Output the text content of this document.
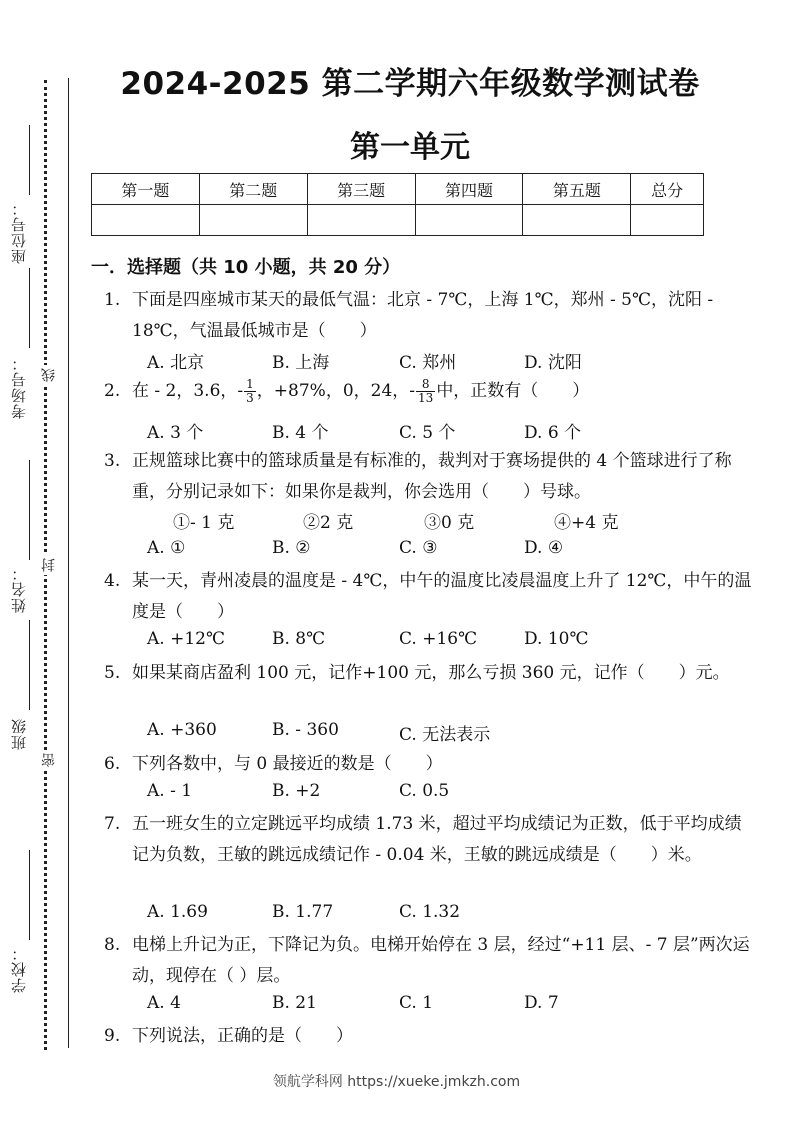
座位号：
考场号：
姓名：
班级
学校：
线
封
密
2024-2025 第二学期六年级数学测试卷
第一单元
第一题	第二题	第三题	第四题	第五题	总分

一．选择题（共 10 小题，共 20 分）
1. 下面是四座城市某天的最低气温：北京 - 7℃，上海 1℃，郑州 - 5℃，沈阳 - 18℃，气温最低城市是（　　）
A. 北京	B. 上海	C. 郑州	D. 沈阳
2. 在 - 2，3.6，- $\frac{1}{3}$ ，+87%，0，24，- $\frac{8}{13}$ 中，正数有（　　）
A. 3 个	B. 4 个	C. 5 个	D. 6 个
3. 正规篮球比赛中的篮球质量是有标准的，裁判对于赛场提供的 4 个篮球进行了称重，分别记录如下：如果你是裁判，你会选用（　　）号球。
①- 1 克	②2 克	③0 克	④+4 克
A. ①	B. ②	C. ③	D. ④
4. 某一天，青州凌晨的温度是 - 4℃，中午的温度比凌晨温度上升了 12℃，中午的温度是（　　）
A. +12℃	B. 8℃	C. +16℃	D. 10℃
5. 如果某商店盈利 100 元，记作+100 元，那么亏损 360 元，记作（　　）元。
A. +360	B. - 360	C. 无法表示
6. 下列各数中，与 0 最接近的数是（　　）
A. - 1	B. +2	C. 0.5
7. 五一班女生的立定跳远平均成绩 1.73 米，超过平均成绩记为正数，低于平均成绩记为负数，王敏的跳远成绩记作 - 0.04 米，王敏的跳远成绩是（　　）米。
A. 1.69	B. 1.77	C. 1.32
8. 电梯上升记为正，下降记为负。电梯开始停在 3 层，经过“+11 层、- 7 层”两次运动，现停在（ ）层。
A. 4	B. 21	C. 1	D. 7
9. 下列说法，正确的是（　　）
领航学科网 https://xueke.jmkzh.com
